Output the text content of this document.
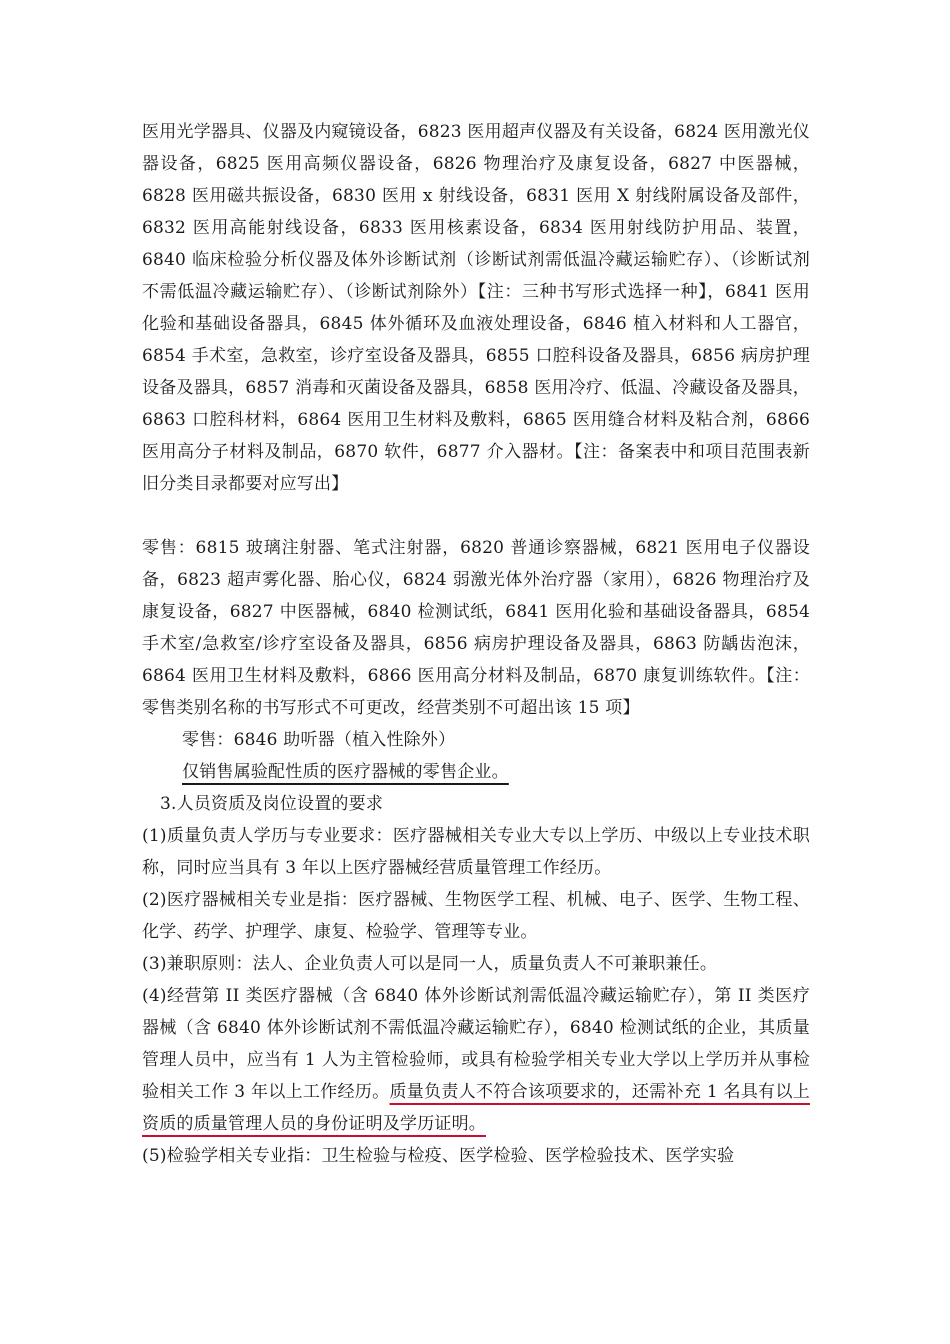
医用光学器具、仪器及内窥镜设备，6823 医用超声仪器及有关设备，6824 医用激光仪器设备，6825 医用高频仪器设备，6826 物理治疗及康复设备，6827 中医器械，6828 医用磁共振设备，6830 医用 x 射线设备，6831 医用 X 射线附属设备及部件，6832 医用高能射线设备，6833 医用核素设备，6834 医用射线防护用品、装置，6840 临床检验分析仪器及体外诊断试剂（诊断试剂需低温冷藏运输贮存）、（诊断试剂不需低温冷藏运输贮存）、（诊断试剂除外）【注：三种书写形式选择一种】，6841 医用化验和基础设备器具，6845 体外循环及血液处理设备，6846 植入材料和人工器官， 6854 手术室，急救室，诊疗室设备及器具，6855 口腔科设备及器具，6856 病房护理设备及器具，6857 消毒和灭菌设备及器具，6858 医用冷疗、低温、冷藏设备及器具，6863 口腔科材料，6864 医用卫生材料及敷料，6865 医用缝合材料及粘合剂，6866 医用高分子材料及制品，6870 软件，6877 介入器材。【注：备案表中和项目范围表新旧分类目录都要对应写出】

零售：6815 玻璃注射器、笔式注射器，6820 普通诊察器械，6821 医用电子仪器设备，6823 超声雾化器、胎心仪，6824 弱激光体外治疗器（家用），6826 物理治疗及康复设备，6827 中医器械，6840 检测试纸，6841 医用化验和基础设备器具，6854 手术室/急救室/诊疗室设备及器具，6856 病房护理设备及器具，6863 防龋齿泡沫，6864 医用卫生材料及敷料，6866 医用高分材料及制品，6870 康复训练软件。【注：零售类别名称的书写形式不可更改，经营类别不可超出该 15 项】

零售：6846 助听器（植入性除外）

仅销售属验配性质的医疗器械的零售企业。

3.人员资质及岗位设置的要求

(1)质量负责人学历与专业要求：医疗器械相关专业大专以上学历、中级以上专业技术职称，同时应当具有 3 年以上医疗器械经营质量管理工作经历。

(2)医疗器械相关专业是指：医疗器械、生物医学工程、机械、电子、医学、生物工程、化学、药学、护理学、康复、检验学、管理等专业。

(3)兼职原则：法人、企业负责人可以是同一人，质量负责人不可兼职兼任。

(4)经营第 II 类医疗器械（含 6840 体外诊断试剂需低温冷藏运输贮存），第 II 类医疗器械（含 6840 体外诊断试剂不需低温冷藏运输贮存），6840 检测试纸的企业，其质量管理人员中，应当有 1 人为主管检验师，或具有检验学相关专业大学以上学历并从事检验相关工作 3 年以上工作经历。质量负责人不符合该项要求的，还需补充 1 名具有以上资质的质量管理人员的身份证明及学历证明。

(5)检验学相关专业指：卫生检验与检疫、医学检验、医学检验技术、医学实验
